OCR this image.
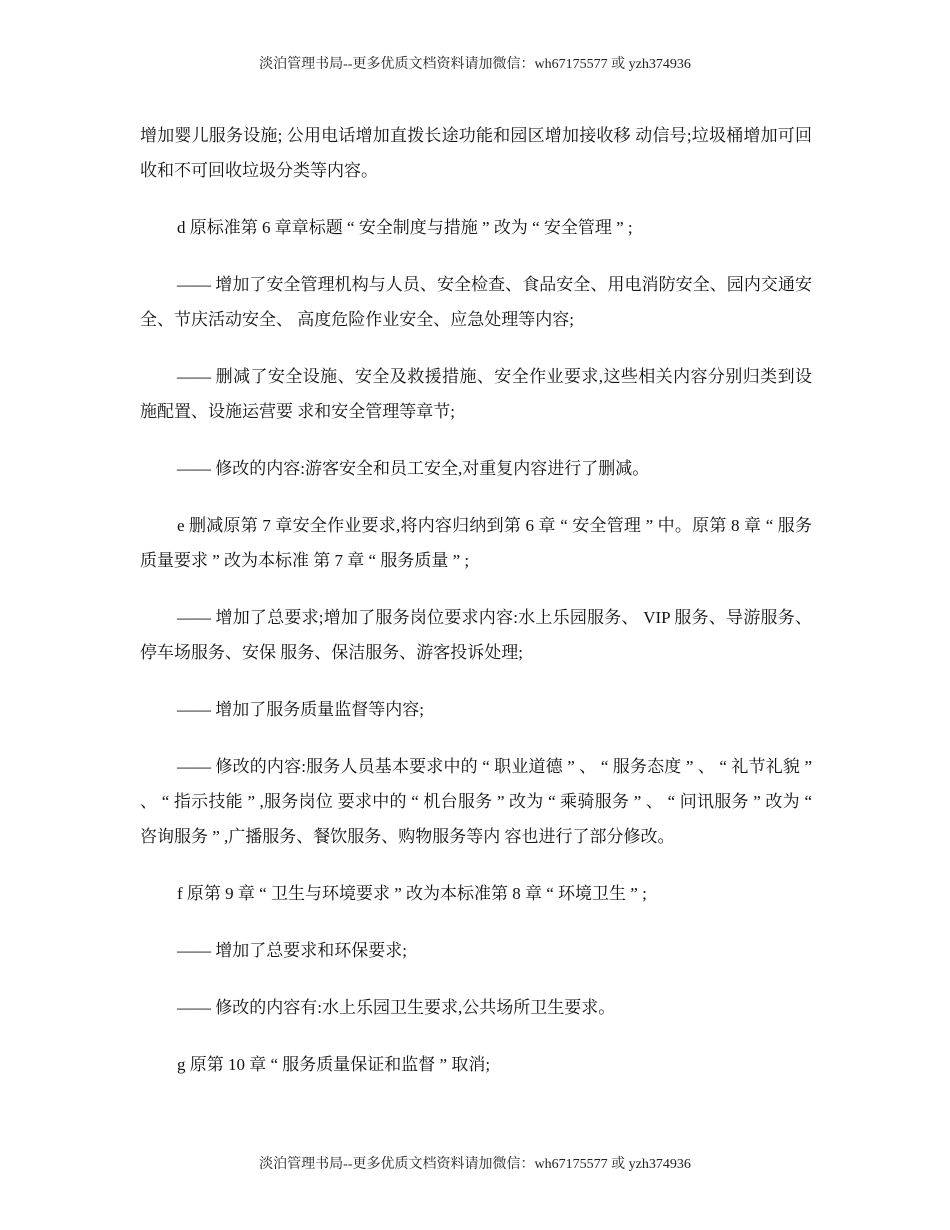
淡泊管理书局--更多优质文档资料请加微信：wh67175577 或 yzh374936

增加婴儿服务设施; 公用电话增加直拨长途功能和园区增加接收移 动信号;垃圾桶增加可回收和不可回收垃圾分类等内容。

d 原标准第 6 章章标题 “ 安全制度与措施 ” 改为 “ 安全管理 ” ;

—— 增加了安全管理机构与人员、安全检查、食品安全、用电消防安全、园内交通安全、节庆活动安全、 高度危险作业安全、应急处理等内容;

—— 删减了安全设施、安全及救援措施、安全作业要求,这些相关内容分别归类到设施配置、设施运营要 求和安全管理等章节;

—— 修改的内容:游客安全和员工安全,对重复内容进行了删减。

e 删减原第 7 章安全作业要求,将内容归纳到第 6 章 “ 安全管理 ” 中。原第 8 章 “ 服务质量要求 ” 改为本标准 第 7 章 “ 服务质量 ” ;

—— 增加了总要求;增加了服务岗位要求内容:水上乐园服务、 VIP 服务、导游服务、停车场服务、安保 服务、保洁服务、游客投诉处理;

—— 增加了服务质量监督等内容;

—— 修改的内容:服务人员基本要求中的 “ 职业道德 ” 、 “ 服务态度 ” 、 “ 礼节礼貌 ” 、 “ 指示技能 ” ,服务岗位 要求中的 “ 机台服务 ” 改为 “ 乘骑服务 ” 、 “ 问讯服务 ” 改为 “ 咨询服务 ” ,广播服务、餐饮服务、购物服务等内 容也进行了部分修改。

f 原第 9 章 “ 卫生与环境要求 ” 改为本标准第 8 章 “ 环境卫生 ” ;

—— 增加了总要求和环保要求;

—— 修改的内容有:水上乐园卫生要求,公共场所卫生要求。

g 原第 10 章 “ 服务质量保证和监督 ” 取消;

淡泊管理书局--更多优质文档资料请加微信：wh67175577 或 yzh374936
